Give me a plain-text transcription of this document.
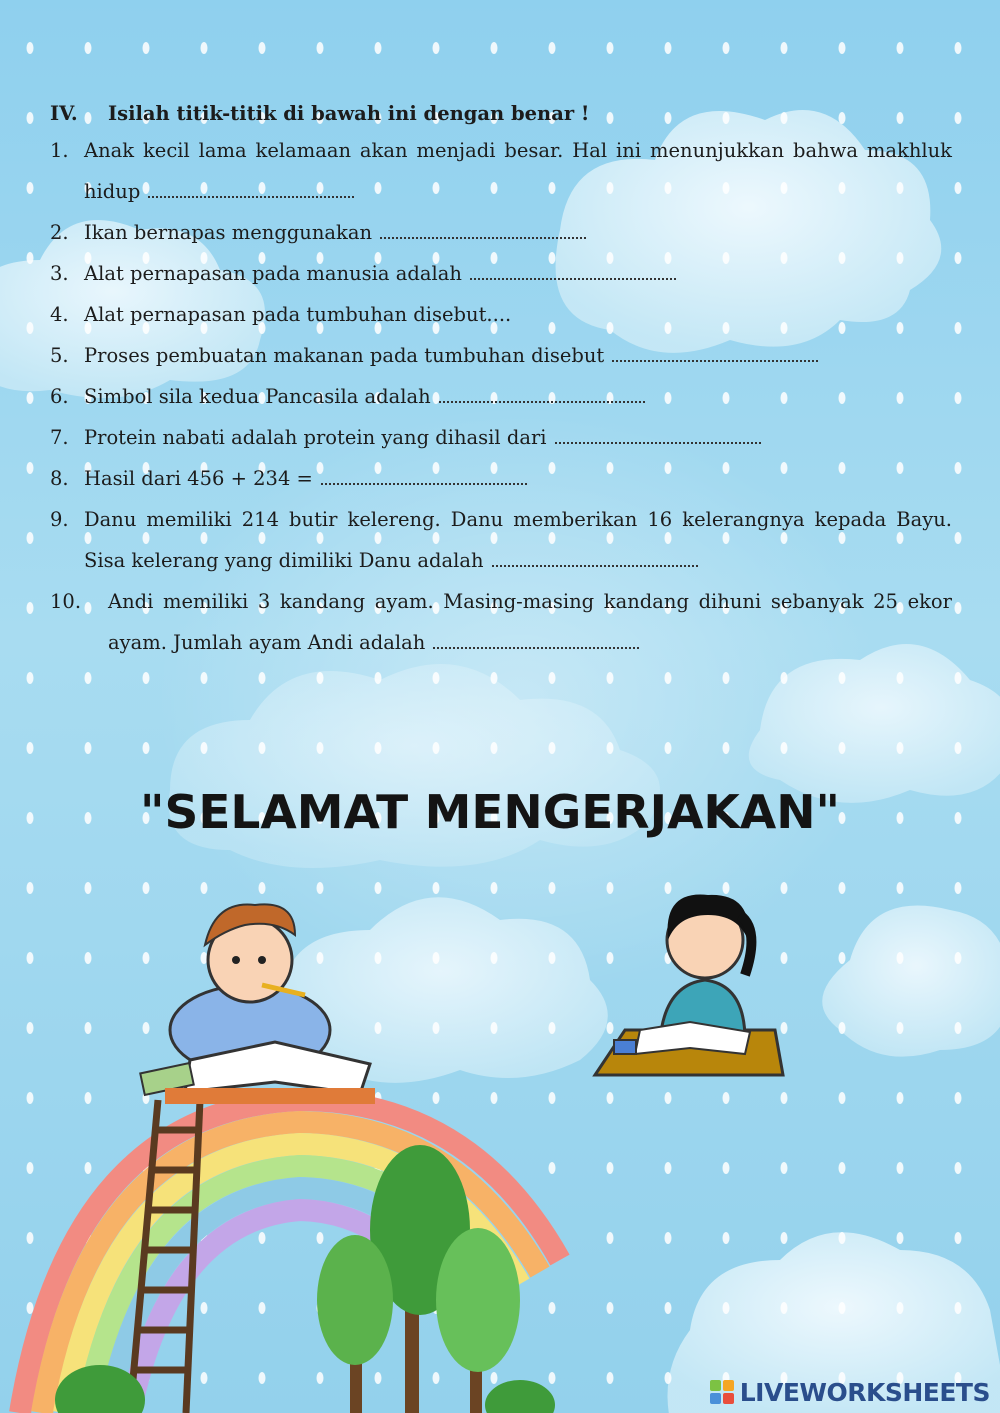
IV.	Isilah titik-titik di bawah ini dengan benar !
1. Anak kecil lama kelamaan akan menjadi besar. Hal ini menunjukkan bahwa makhluk hidup
2. Ikan bernapas menggunakan
3. Alat pernapasan pada manusia adalah
4. Alat pernapasan pada tumbuhan disebut....
5. Proses pembuatan makanan pada tumbuhan disebut
6. Simbol sila kedua Pancasila adalah
7. Protein nabati adalah protein yang dihasil dari
8. Hasil dari 456 + 234 =
9. Danu memiliki 214 butir kelereng. Danu memberikan 16 kelerangnya kepada Bayu. Sisa kelerang yang dimiliki Danu adalah
10.	Andi memiliki 3 kandang ayam. Masing-masing kandang dihuni sebanyak 25 ekor ayam. Jumlah ayam Andi adalah
"SELAMAT MENGERJAKAN"
LIVEWORKSHEETS
